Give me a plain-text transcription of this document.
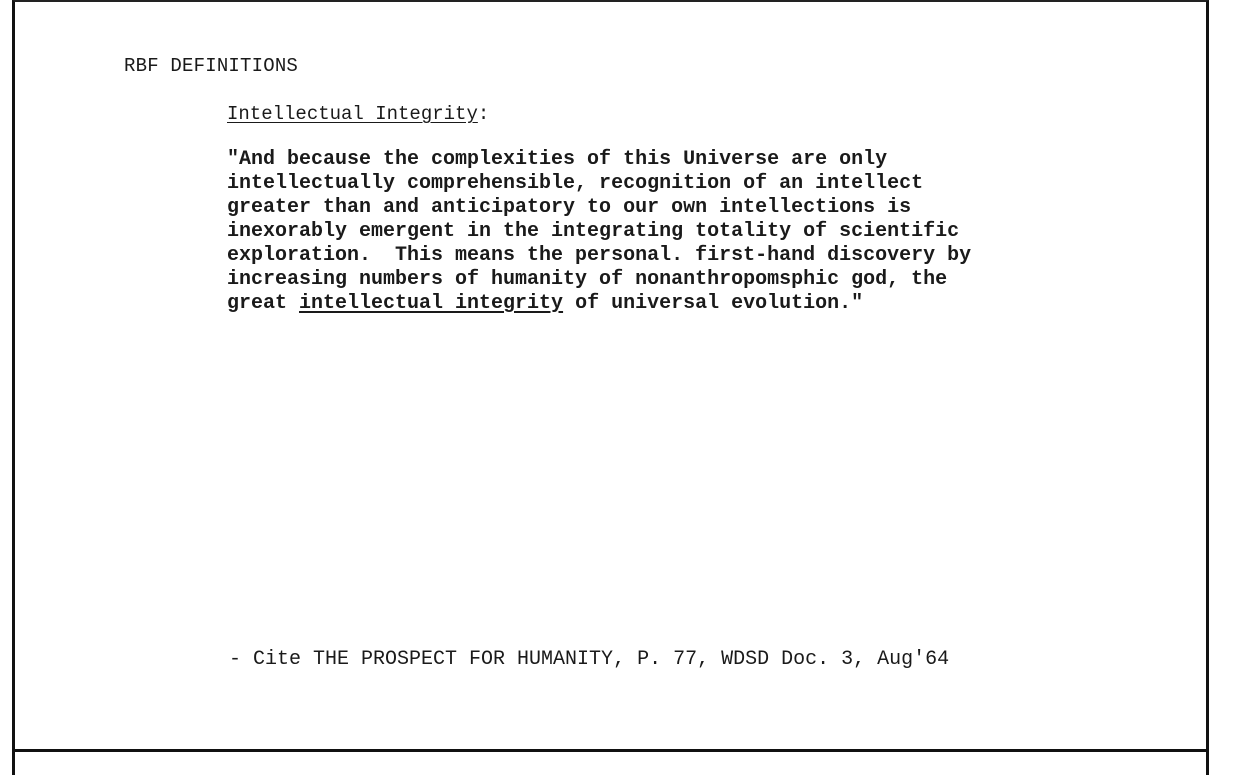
RBF DEFINITIONS
Intellectual Integrity:
"And because the complexities of this Universe are only
intellectually comprehensible, recognition of an intellect
greater than and anticipatory to our own intellections is
inexorably emergent in the integrating totality of scientific
exploration.  This means the personal. first-hand discovery by
increasing numbers of humanity of nonanthropomsphic god, the
great intellectual integrity of universal evolution."

- Cite THE PROSPECT FOR HUMANITY, P. 77, WDSD Doc. 3, Aug'64
